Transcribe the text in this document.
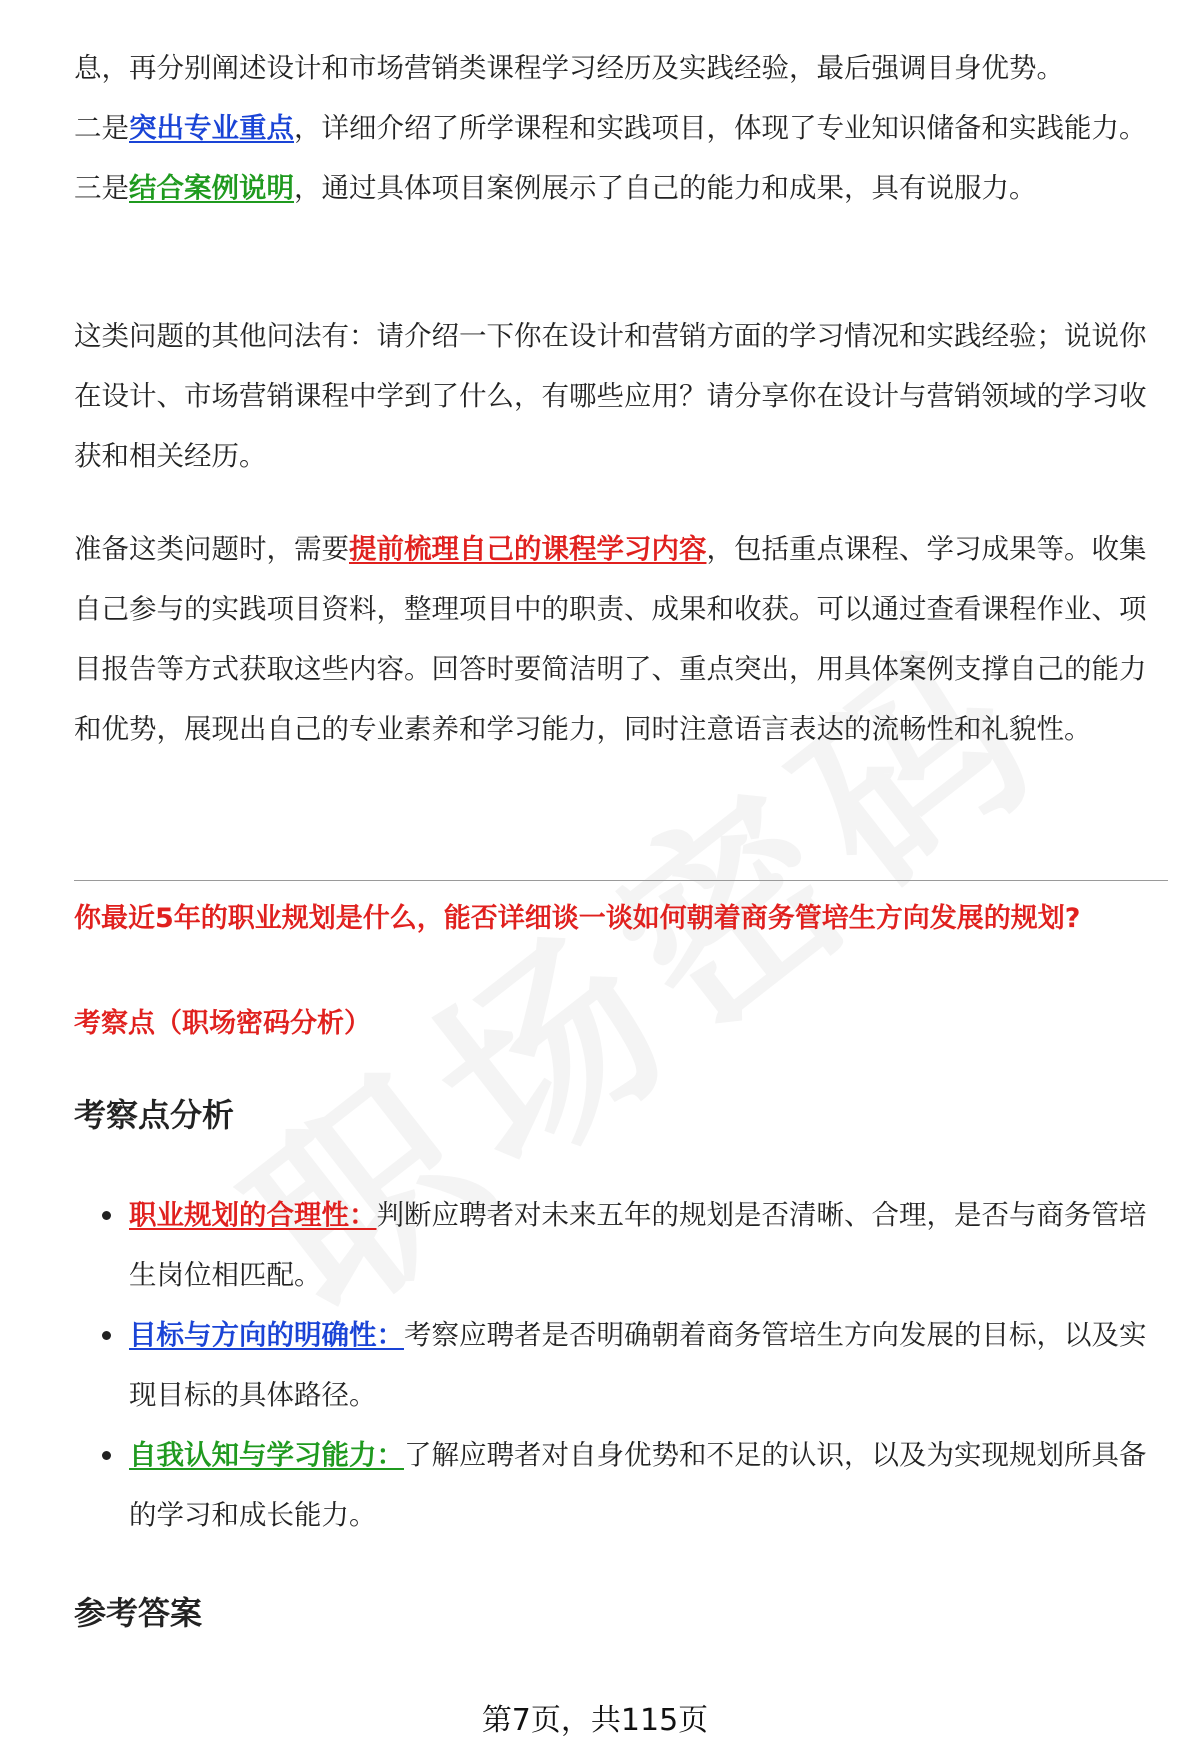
息，再分别阐述设计和市场营销类课程学习经历及实践经验，最后强调目身优势。
二是突出专业重点，详细介绍了所学课程和实践项目，体现了专业知识储备和实践能力。三是结合案例说明，通过具体项目案例展示了自己的能力和成果，具有说服力。

这类问题的其他问法有：请介绍一下你在设计和营销方面的学习情况和实践经验；说说你在设计、市场营销课程中学到了什么，有哪些应用？请分享你在设计与营销领域的学习收获和相关经历。

准备这类问题时，需要提前梳理自己的课程学习内容，包括重点课程、学习成果等。收集自己参与的实践项目资料，整理项目中的职责、成果和收获。可以通过查看课程作业、项目报告等方式获取这些内容。回答时要简洁明了、重点突出，用具体案例支撑自己的能力和优势，展现出自己的专业素养和学习能力，同时注意语言表达的流畅性和礼貌性。

你最近5年的职业规划是什么，能否详细谈一谈如何朝着商务管培生方向发展的规划?

考察点（职场密码分析）

考察点分析
职业规划的合理性：判断应聘者对未来五年的规划是否清晰、合理，是否与商务管培生岗位相匹配。
目标与方向的明确性：考察应聘者是否明确朝着商务管培生方向发展的目标，以及实现目标的具体路径。
自我认知与学习能力：了解应聘者对自身优势和不足的认识，以及为实现规划所具备的学习和成长能力。
参考答案
第7页，共115页
